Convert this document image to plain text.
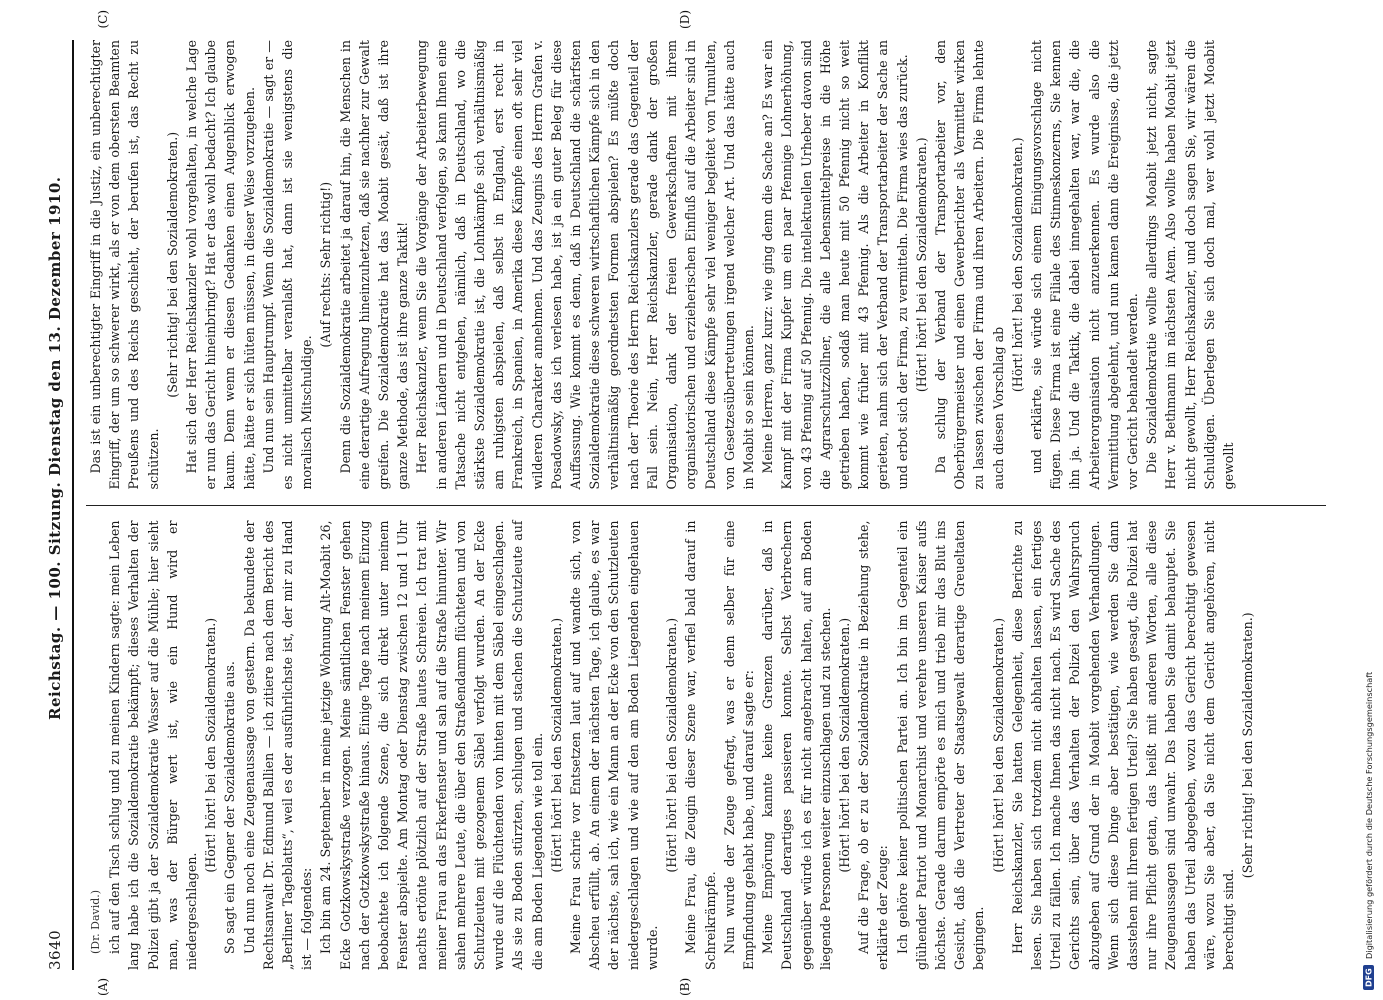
3640
Reichstag. — 100. Sitzung. Dienstag den 13. Dezember 1910.
(A)	(B)

(Dr. David.) ich auf den Tisch schlug und zu meinen Kindern sagte: mein Leben lang habe ich die Sozialdemokratie bekämpft; dieses Verhalten der Polizei gibt ja der Sozialdemokratie Wasser auf die Mühle; hier sieht man, was der Bürger wert ist, wie ein Hund wird er niedergeschlagen.

(Hört! hört! bei den Sozialdemokraten.) So sagt ein Gegner der Sozialdemokratie aus. Und nun noch eine Zeugenaussage von gestern. Da bekundete der Rechtsanwalt Dr. Edmund Ballien — ich zitiere nach dem Bericht des „Berliner Tageblatts“, weil es der ausführlichste ist, der mir zu Hand ist — folgendes: Ich bin am 24. September in meine jetzige Wohnung Alt-Moabit 26, Ecke Gotzkowskystraße verzogen. Meine sämtlichen Fenster gehen nach der Gotzkowskystraße hinaus. Einige Tage nach meinem Einzug beobachtete ich folgende Szene, die sich direkt unter meinem Fenster abspielte. Am Montag oder Dienstag zwischen 12 und 1 Uhr nachts ertönte plötzlich auf der Straße lautes Schreien. Ich trat mit meiner Frau an das Erkerfenster und sah auf die Straße hinunter. Wir sahen mehrere Leute, die über den Straßendamm flüchteten und von Schutzleuten mit gezogenem Säbel verfolgt wurden. An der Ecke wurde auf die Flüchtenden von hinten mit dem Säbel eingeschlagen. Als sie zu Boden stürzten, schlugen und stachen die Schutzleute auf die am Boden Liegenden wie toll ein. (Hört! hört! bei den Sozialdemokraten.) Meine Frau schrie vor Entsetzen laut auf und wandte sich, von Abscheu erfüllt, ab. An einem der nächsten Tage, ich glaube, es war der nächste, sah ich, wie ein Mann an der Ecke von den Schutzleuten niedergeschlagen und wie auf den am Boden Liegenden eingehauen wurde.

(Hört! hört! bei den Sozialdemokraten.) Meine Frau, die Zeugin dieser Szene war, verfiel bald darauf in Schreikrämpfe. Nun wurde der Zeuge gefragt, was er denn selber für eine Empfindung gehabt habe, und darauf sagte er: Meine Empörung kannte keine Grenzen darüber, daß in Deutschland derartiges passieren konnte. Selbst Verbrechern gegenüber würde ich es für nicht angebracht halten, auf am Boden liegende Personen weiter einzuschlagen und zu stechen. (Hört! hört! bei den Sozialdemokraten.) Auf die Frage, ob er zu der Sozialdemokratie in Beziehung stehe, erklärte der Zeuge: Ich gehöre keiner politischen Partei an. Ich bin im Gegenteil ein glühender Patriot und Monarchist und verehre unseren Kaiser aufs höchste. Gerade darum empörte es mich und trieb mir das Blut ins Gesicht, daß die Vertreter der Staatsgewalt derartige Greueltaten begingen.

(Hört! hört! bei den Sozialdemokraten.) Herr Reichskanzler, Sie hatten Gelegenheit, diese Berichte zu lesen. Sie haben sich trotzdem nicht abhalten lassen, ein fertiges Urteil zu fällen. Ich mache Ihnen das nicht nach. Es wird Sache des Gerichts sein, über das Verhalten der Polizei den Wahrspruch abzugeben auf Grund der in Moabit vorgehenden Verhandlungen. Wenn sich diese Dinge aber bestätigen, wie werden Sie dann dasstehen mit Ihrem fertigen Urteil? Sie haben gesagt, die Polizei hat nur ihre Pflicht getan, das heißt mit anderen Worten, alle diese Zeugenaussagen sind unwahr. Das haben Sie damit behauptet. Sie haben das Urteil abgegeben, wozu das Gericht berechtigt gewesen wäre, wozu Sie aber, da Sie nicht dem Gericht angehören, nicht berechtigt sind.

(Sehr richtig! bei den Sozialdemokraten.)

(C)	(D)

Das ist ein unberechtigter Eingriff in die Justiz, ein unberechtigter Eingriff, der um so schwerer wirkt, als er von dem obersten Beamten Preußens und des Reichs geschieht, der berufen ist, das Recht zu schützen.

(Sehr richtig! bei den Sozialdemokraten.) Hat sich der Herr Reichskanzler wohl vorgehalten, in welche Lage er nun das Gericht hineinbringt? Hat er das wohl bedacht? Ich glaube kaum. Denn wenn er diesen Gedanken einen Augenblick erwogen hätte, hätte er sich hüten müssen, in dieser Weise vorzugehen. Und nun sein Hauptrumpf. Wenn die Sozialdemokratie — sagt er — es nicht unmittelbar veranlaßt hat, dann ist sie wenigstens die moralisch Mitschuldige.

(Auf rechts: Sehr richtig!) Denn die Sozialdemokratie arbeitet ja darauf hin, die Menschen in eine derartige Aufregung hineinzuhetzen, daß sie nachher zur Gewalt greifen. Die Sozialdemokratie hat das Moabit gesät, daß ist ihre ganze Methode, das ist ihre ganze Taktik! Herr Reichskanzler, wenn Sie die Vorgänge der Arbeiterbewegung in anderen Ländern und in Deutschland verfolgen, so kann Ihnen eine Tatsache nicht entgehen, nämlich, daß in Deutschland, wo die stärkste Sozialdemokratie ist, die Lohnkämpfe sich verhältnismäßig am ruhigsten abspielen, daß selbst in England, erst recht in Frankreich, in Spanien, in Amerika diese Kämpfe einen oft sehr viel wilderen Charakter annehmen. Und das Zeugnis des Herrn Grafen v. Posadowsky, das ich verlesen habe, ist ja ein guter Beleg für diese Auffassung. Wie kommt es denn, daß in Deutschland die schärfsten Sozialdemokratie diese schweren wirtschaftlichen Kämpfe sich in den verhältnismäßig geordnetsten Formen abspielen? Es müßte doch nach der Theorie des Herrn Reichskanzlers gerade das Gegenteil der Fall sein. Nein, Herr Reichskanzler, gerade dank der großen Organisation, dank der freien Gewerkschaften mit ihrem organisatorischen und erzieherischen Einfluß auf die Arbeiter sind in Deutschland diese Kämpfe sehr viel weniger begleitet von Tumulten, von Gesetzesübertretungen irgend welcher Art. Und das hätte auch in Moabit so sein können. Meine Herren, ganz kurz: wie ging denn die Sache an? Es war ein Kampf mit der Firma Kupfer um ein paar Pfennige Lohnerhöhung, von 43 Pfennig auf 50 Pfennig. Die intellektuellen Urheber davon sind die Agrarschutzzöllner, die alle Lebensmittelpreise in die Höhe getrieben haben, sodaß man heute mit 50 Pfennig nicht so weit kommt wie früher mit 43 Pfennig. Als die Arbeiter in Konflikt gerieten, nahm sich der Verband der Transportarbeiter der Sache an und erbot sich der Firma, zu vermitteln. Die Firma wies das zurück. (Hört! hört! bei den Sozialdemokraten.) Da schlug der Verband der Transportarbeiter vor, den Oberbürgermeister und einen Gewerberichter als Vermittler wirken zu lassen zwischen der Firma und ihren Arbeitern. Die Firma lehnte auch diesen Vorschlag ab

(Hört! hört! bei den Sozialdemokraten.) und erklärte, sie würde sich einem Einigungsvorschlage nicht fügen. Diese Firma ist eine Filiale des Stinneskonzerns, Sie kennen ihn ja. Und die Taktik, die dabei innegehalten war, war die, die Arbeiterorganisation nicht anzuerkennen. Es wurde also die Vermittlung abgelehnt, und nun kamen dann die Ereignisse, die jetzt vor Gericht behandelt werden. Die Sozialdemokratie wollte allerdings Moabit jetzt nicht, sagte Herr v. Bethmann im nächsten Atem. Also wollte haben Moabit jetzt nicht gewollt, Herr Reichskanzler, und doch sagen Sie, wir wären die Schuldigen. Überlegen Sie sich doch mal, wer wohl jetzt Moabit gewollt

DFG
Digitalisierung gefördert durch die Deutsche Forschungsgemeinschaft
